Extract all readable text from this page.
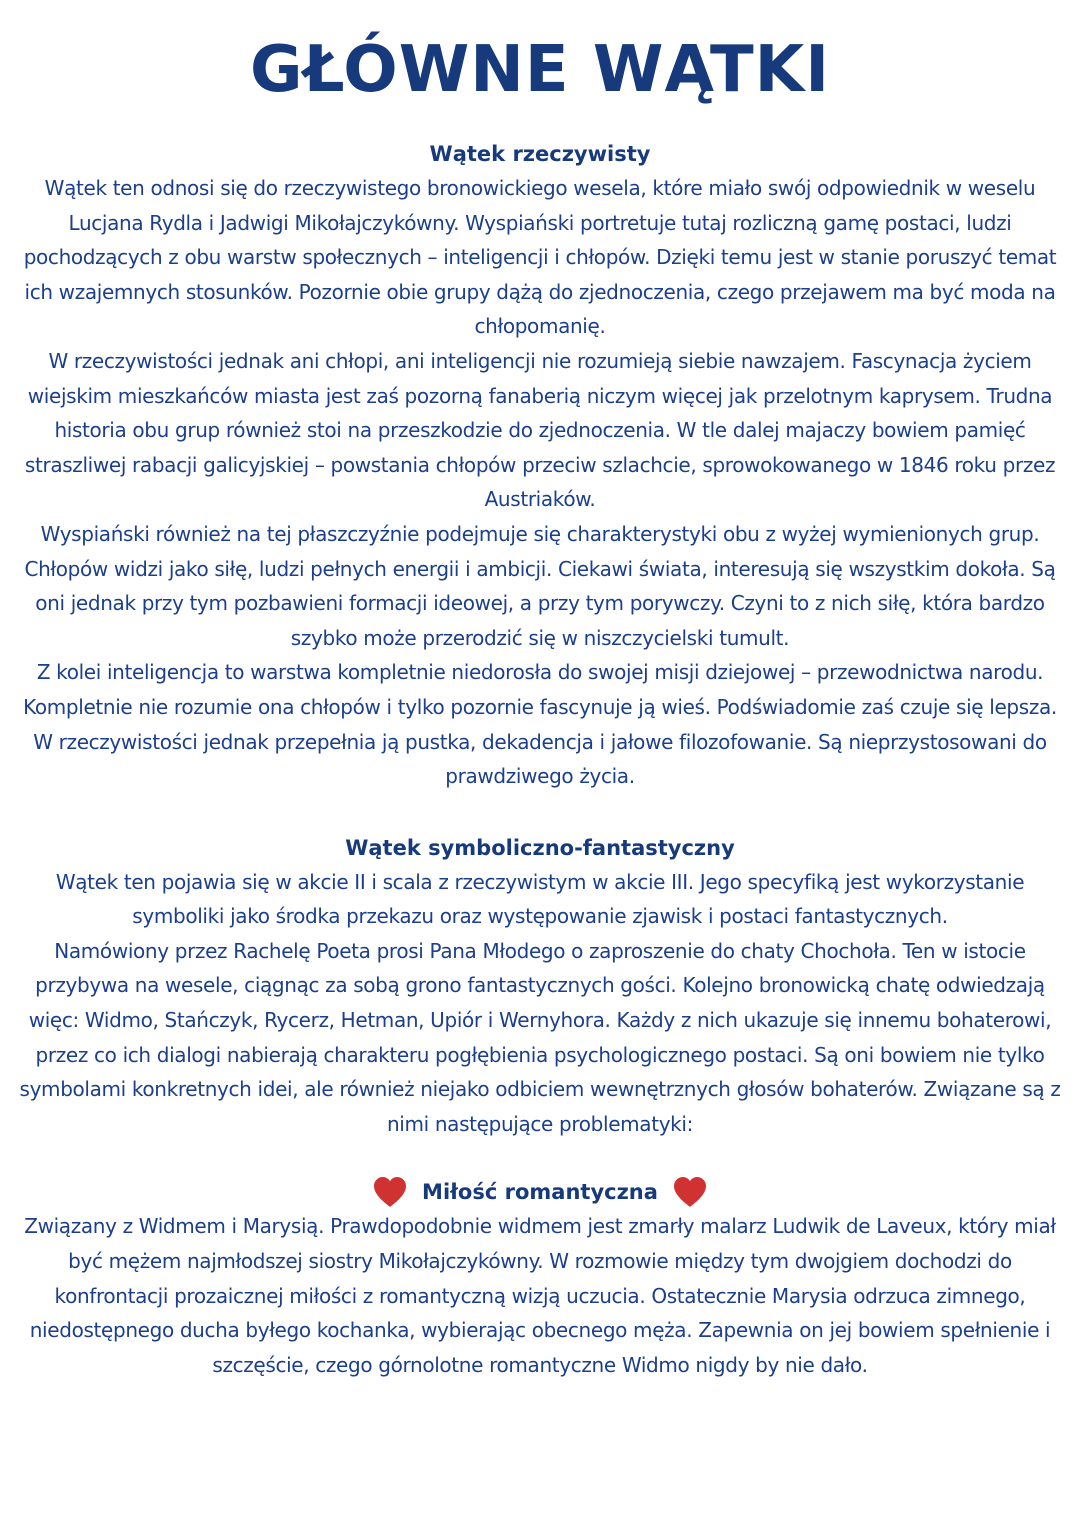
GŁÓWNE WĄTKI
Wątek rzeczywisty

Wątek ten odnosi się do rzeczywistego bronowickiego wesela, które miało swój odpowiednik w weselu Lucjana Rydla i Jadwigi Mikołajczykówny. Wyspiański portretuje tutaj rozliczną gamę postaci, ludzi pochodzących z obu warstw społecznych – inteligencji i chłopów. Dzięki temu jest w stanie poruszyć temat ich wzajemnych stosunków. Pozornie obie grupy dążą do zjednoczenia, czego przejawem ma być moda na chłopomanię.

W rzeczywistości jednak ani chłopi, ani inteligencji nie rozumieją siebie nawzajem. Fascynacja życiem wiejskim mieszkańców miasta jest zaś pozorną fanaberią niczym więcej jak przelotnym kaprysem. Trudna historia obu grup również stoi na przeszkodzie do zjednoczenia. W tle dalej majaczy bowiem pamięć straszliwej rabacji galicyjskiej – powstania chłopów przeciw szlachcie, sprowokowanego w 1846 roku przez Austriaków.

Wyspiański również na tej płaszczyźnie podejmuje się charakterystyki obu z wyżej wymienionych grup. Chłopów widzi jako siłę, ludzi pełnych energii i ambicji. Ciekawi świata, interesują się wszystkim dokoła. Są oni jednak przy tym pozbawieni formacji ideowej, a przy tym porywczy. Czyni to z nich siłę, która bardzo szybko może przerodzić się w niszczycielski tumult.

Z kolei inteligencja to warstwa kompletnie niedorosła do swojej misji dziejowej – przewodnictwa narodu. Kompletnie nie rozumie ona chłopów i tylko pozornie fascynuje ją wieś. Podświadomie zaś czuje się lepsza. W rzeczywistości jednak przepełnia ją pustka, dekadencja i jałowe filozofowanie. Są nieprzystosowani do prawdziwego życia.

Wątek symboliczno-fantastyczny

Wątek ten pojawia się w akcie II i scala z rzeczywistym w akcie III. Jego specyfiką jest wykorzystanie symboliki jako środka przekazu oraz występowanie zjawisk i postaci fantastycznych.

Namówiony przez Rachelę Poeta prosi Pana Młodego o zaproszenie do chaty Chochoła. Ten w istocie przybywa na wesele, ciągnąc za sobą grono fantastycznych gości. Kolejno bronowicką chatę odwiedzają więc: Widmo, Stańczyk, Rycerz, Hetman, Upiór i Wernyhora. Każdy z nich ukazuje się innemu bohaterowi, przez co ich dialogi nabierają charakteru pogłębienia psychologicznego postaci. Są oni bowiem nie tylko symbolami konkretnych idei, ale również niejako odbiciem wewnętrznych głosów bohaterów. Związane są z nimi następujące problematyki:

Miłość romantyczna

Związany z Widmem i Marysią. Prawdopodobnie widmem jest zmarły malarz Ludwik de Laveux, który miał być mężem najmłodszej siostry Mikołajczykówny. W rozmowie między tym dwojgiem dochodzi do konfrontacji prozaicznej miłości z romantyczną wizją uczucia. Ostatecznie Marysia odrzuca zimnego, niedostępnego ducha byłego kochanka, wybierając obecnego męża. Zapewnia on jej bowiem spełnienie i szczęście, czego górnolotne romantyczne Widmo nigdy by nie dało.
